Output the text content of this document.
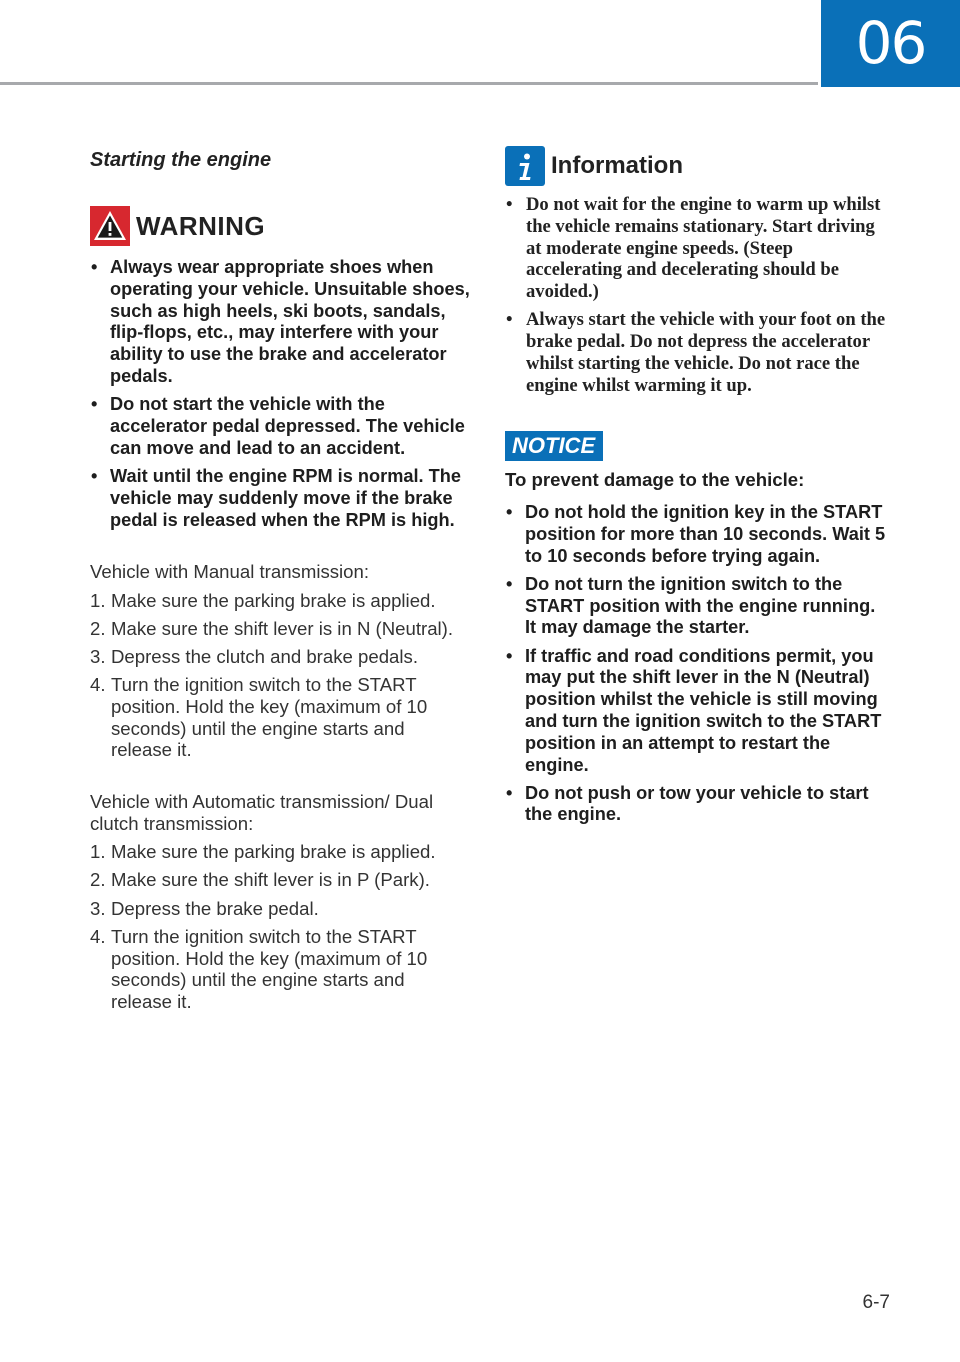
06
Starting the engine
WARNING
• Always wear appropriate shoes when operating your vehicle. Unsuitable shoes, such as high heels, ski boots, sandals, flip-flops, etc., may interfere with your ability to use the brake and accelerator pedals.
• Do not start the vehicle with the accelerator pedal depressed. The vehicle can move and lead to an accident.
• Wait until the engine RPM is normal. The vehicle may suddenly move if the brake pedal is released when the RPM is high.
Vehicle with Manual transmission:
1. Make sure the parking brake is applied.
2. Make sure the shift lever is in N (Neutral).
3. Depress the clutch and brake pedals.
4. Turn the ignition switch to the START position. Hold the key (maximum of 10 seconds) until the engine starts and release it.
Vehicle with Automatic transmission/ Dual clutch transmission:
1. Make sure the parking brake is applied.
2. Make sure the shift lever is in P (Park).
3. Depress the brake pedal.
4. Turn the ignition switch to the START position. Hold the key (maximum of 10 seconds) until the engine starts and release it.
Information
• Do not wait for the engine to warm up whilst the vehicle remains stationary. Start driving at moderate engine speeds. (Steep accelerating and decelerating should be avoided.)
• Always start the vehicle with your foot on the brake pedal. Do not depress the accelerator whilst starting the vehicle. Do not race the engine whilst warming it up.
NOTICE
To prevent damage to the vehicle:
• Do not hold the ignition key in the START position for more than 10 seconds. Wait 5 to 10 seconds before trying again.
• Do not turn the ignition switch to the START position with the engine running. It may damage the starter.
• If traffic and road conditions permit, you may put the shift lever in the N (Neutral) position whilst the vehicle is still moving and turn the ignition switch to the START position in an attempt to restart the engine.
• Do not push or tow your vehicle to start the engine.
6-7
